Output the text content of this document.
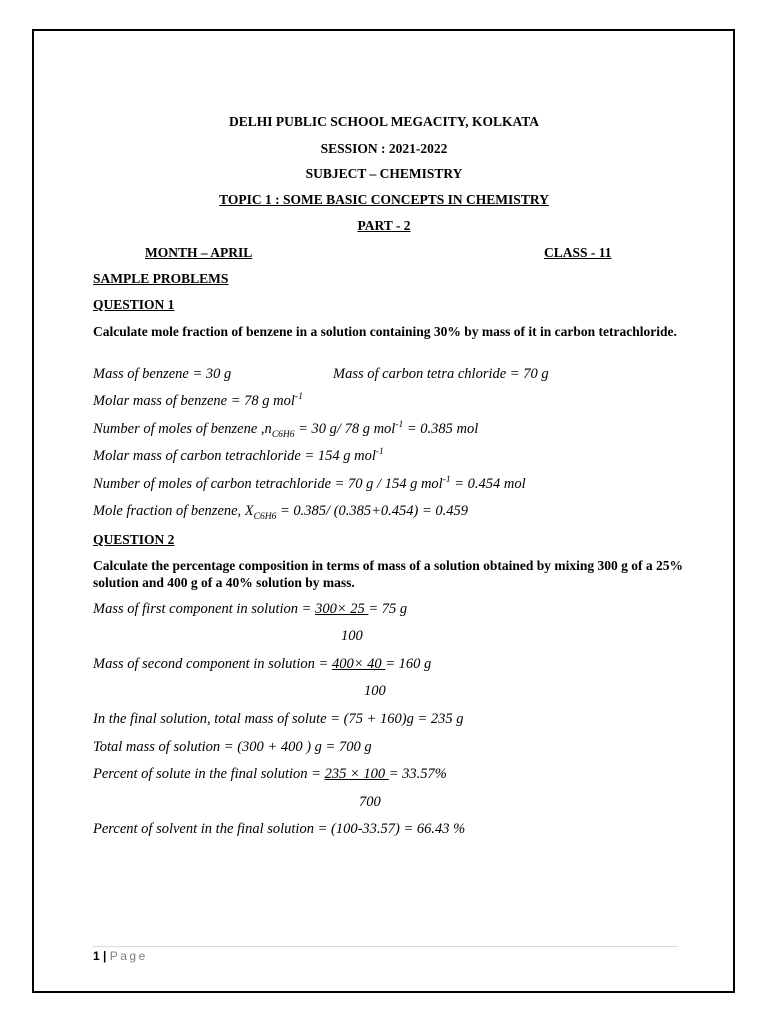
DELHI PUBLIC SCHOOL MEGACITY, KOLKATA
SESSION : 2021-2022
SUBJECT – CHEMISTRY
TOPIC 1 : SOME BASIC CONCEPTS IN CHEMISTRY
PART - 2
MONTH – APRIL	CLASS - 11
SAMPLE PROBLEMS
QUESTION 1
Calculate mole fraction of benzene in a solution containing 30% by mass of it in carbon tetrachloride.
Mass of benzene = 30 g	Mass of carbon tetra chloride = 70 g
Molar mass of benzene = 78 g mol$^{-1}$
Number of moles of benzene $,n_{C6H6} = 30$ g/ 78 g mol$^{-1}$ = 0.385 mol
Molar mass of carbon tetrachloride = 154 g mol$^{-1}$
Number of moles of carbon tetrachloride = 70 g / 154 g mol$^{-1}$ = 0.454 mol
Mole fraction of benzene, $X_{C6H6} = 0.385/$ (0.385+0.454) = 0.459
QUESTION 2
Calculate the percentage composition in terms of mass of a solution obtained by mixing 300 g of a 25% solution and 400 g of a 40% solution by mass.
Mass of first component in solution = 300× 25 = 75 g
100
Mass of second component in solution = 400× 40 = 160 g
100
In the final solution, total mass of solute = (75 + 160)g = 235 g
Total mass of solution = (300 + 400 ) g = 700 g
Percent of solute in the final solution = 235 × 100 = 33.57%
700
Percent of solvent in the final solution = (100-33.57) = 66.43 %
1 | Page
